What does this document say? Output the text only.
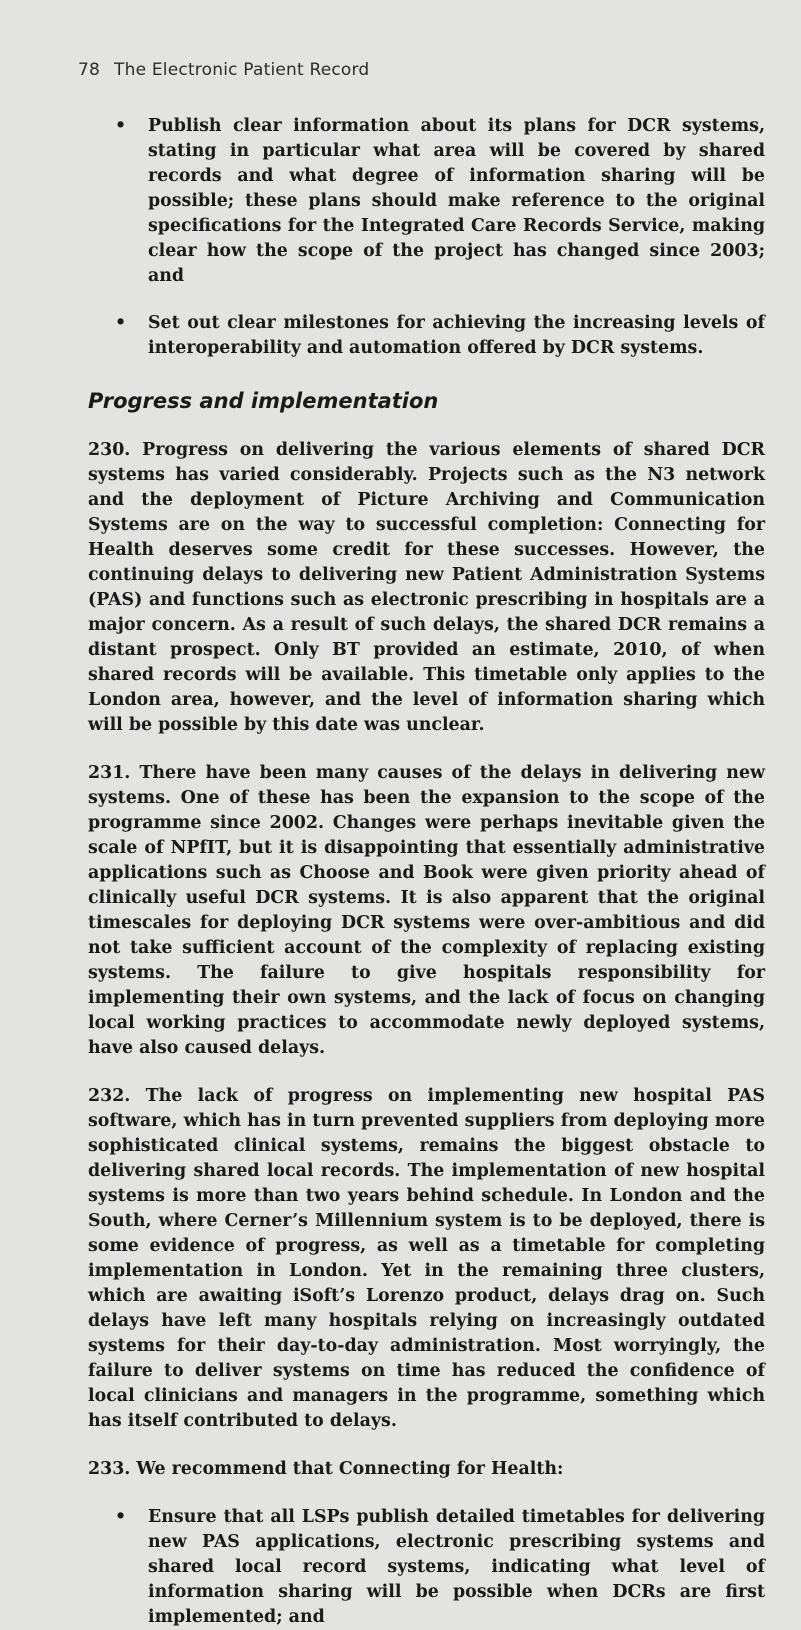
78 The Electronic Patient Record
• Publish clear information about its plans for DCR systems, stating in particular what area will be covered by shared records and what degree of information sharing will be possible; these plans should make reference to the original specifications for the Integrated Care Records Service, making clear how the scope of the project has changed since 2003; and
• Set out clear milestones for achieving the increasing levels of interoperability and automation offered by DCR systems.
Progress and implementation

230. Progress on delivering the various elements of shared DCR systems has varied considerably. Projects such as the N3 network and the deployment of Picture Archiving and Communication Systems are on the way to successful completion: Connecting for Health deserves some credit for these successes. However, the continuing delays to delivering new Patient Administration Systems (PAS) and functions such as electronic prescribing in hospitals are a major concern. As a result of such delays, the shared DCR remains a distant prospect. Only BT provided an estimate, 2010, of when shared records will be available. This timetable only applies to the London area, however, and the level of information sharing which will be possible by this date was unclear.

231. There have been many causes of the delays in delivering new systems. One of these has been the expansion to the scope of the programme since 2002. Changes were perhaps inevitable given the scale of NPfIT, but it is disappointing that essentially administrative applications such as Choose and Book were given priority ahead of clinically useful DCR systems. It is also apparent that the original timescales for deploying DCR systems were over-ambitious and did not take sufficient account of the complexity of replacing existing systems. The failure to give hospitals responsibility for implementing their own systems, and the lack of focus on changing local working practices to accommodate newly deployed systems, have also caused delays.

232. The lack of progress on implementing new hospital PAS software, which has in turn prevented suppliers from deploying more sophisticated clinical systems, remains the biggest obstacle to delivering shared local records. The implementation of new hospital systems is more than two years behind schedule. In London and the South, where Cerner’s Millennium system is to be deployed, there is some evidence of progress, as well as a timetable for completing implementation in London. Yet in the remaining three clusters, which are awaiting iSoft’s Lorenzo product, delays drag on. Such delays have left many hospitals relying on increasingly outdated systems for their day-to-day administration. Most worryingly, the failure to deliver systems on time has reduced the confidence of local clinicians and managers in the programme, something which has itself contributed to delays.

233. We recommend that Connecting for Health:

• Ensure that all LSPs publish detailed timetables for delivering new PAS applications, electronic prescribing systems and shared local record systems, indicating what level of information sharing will be possible when DCRs are first implemented; and
